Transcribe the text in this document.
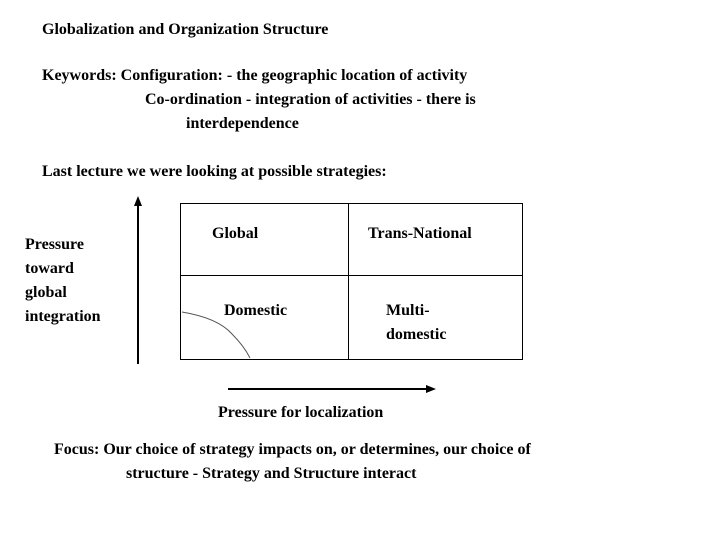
Globalization and Organization Structure
Keywords: Configuration: - the geographic location of activity
Co-ordination - integration of activities - there is
interdependence
Last lecture we were looking at possible strategies:
Pressure
toward
global
integration
Global	Trans-National
Domestic	Multi-
domestic
Pressure for localization
Focus: Our choice of strategy impacts on, or determines, our choice of
structure - Strategy and Structure interact
